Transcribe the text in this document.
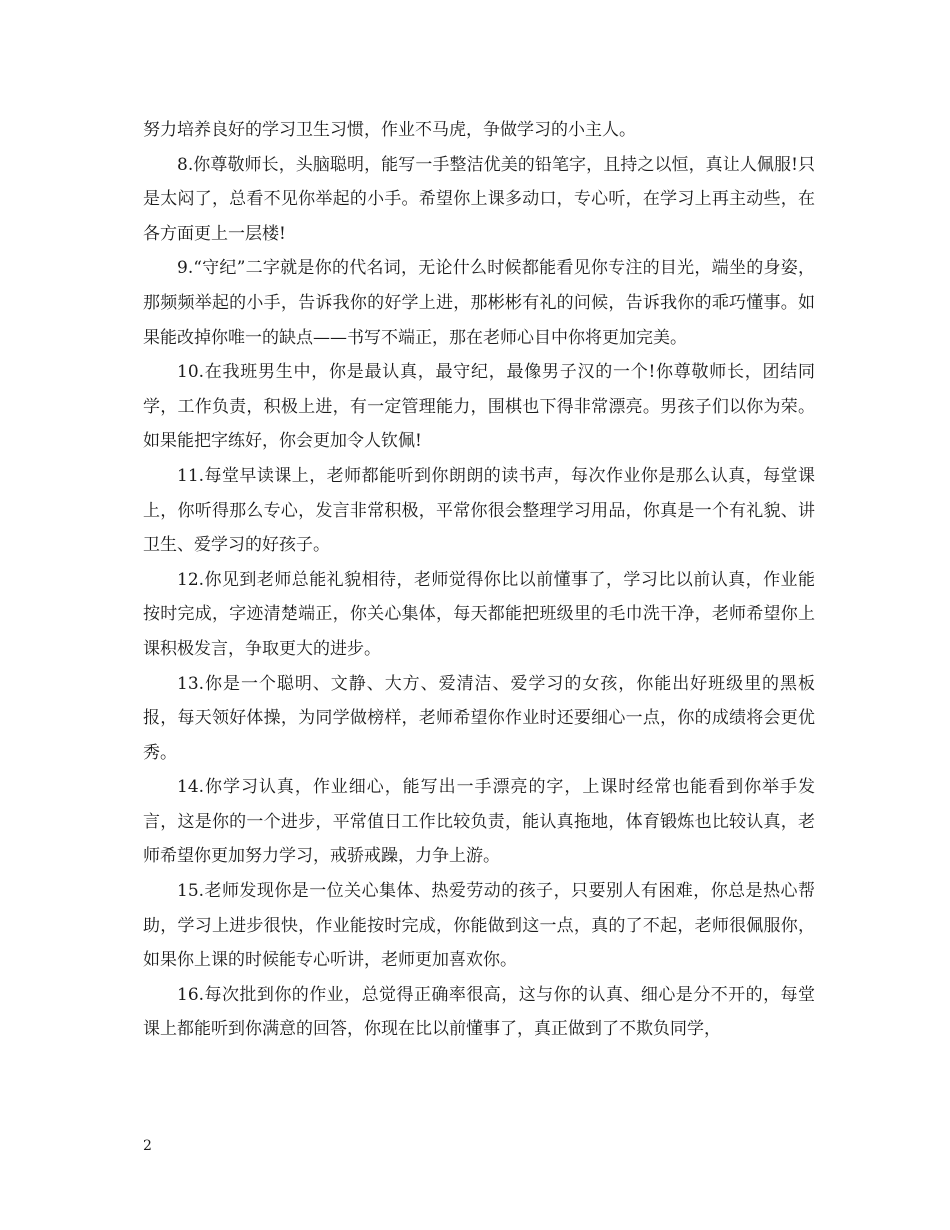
努力培养良好的学习卫生习惯，作业不马虎，争做学习的小主人。

8.你尊敬师长，头脑聪明，能写一手整洁优美的铅笔字，且持之以恒，真让人佩服!只是太闷了，总看不见你举起的小手。希望你上课多动口，专心听，在学习上再主动些，在各方面更上一层楼!

9.“守纪”二字就是你的代名词，无论什么时候都能看见你专注的目光，端坐的身姿，那频频举起的小手，告诉我你的好学上进，那彬彬有礼的问候，告诉我你的乖巧懂事。如果能改掉你唯一的缺点——书写不端正，那在老师心目中你将更加完美。

10.在我班男生中，你是最认真，最守纪，最像男子汉的一个!你尊敬师长，团结同学，工作负责，积极上进，有一定管理能力，围棋也下得非常漂亮。男孩子们以你为荣。如果能把字练好，你会更加令人钦佩!

11.每堂早读课上，老师都能听到你朗朗的读书声，每次作业你是那么认真，每堂课上，你听得那么专心，发言非常积极，平常你很会整理学习用品，你真是一个有礼貌、讲卫生、爱学习的好孩子。

12.你见到老师总能礼貌相待，老师觉得你比以前懂事了，学习比以前认真，作业能按时完成，字迹清楚端正，你关心集体，每天都能把班级里的毛巾洗干净，老师希望你上课积极发言，争取更大的进步。

13.你是一个聪明、文静、大方、爱清洁、爱学习的女孩，你能出好班级里的黑板报，每天领好体操，为同学做榜样，老师希望你作业时还要细心一点，你的成绩将会更优秀。

14.你学习认真，作业细心，能写出一手漂亮的字，上课时经常也能看到你举手发言，这是你的一个进步，平常值日工作比较负责，能认真拖地，体育锻炼也比较认真，老师希望你更加努力学习，戒骄戒躁，力争上游。

15.老师发现你是一位关心集体、热爱劳动的孩子，只要别人有困难，你总是热心帮助，学习上进步很快，作业能按时完成，你能做到这一点，真的了不起，老师很佩服你，如果你上课的时候能专心听讲，老师更加喜欢你。

16.每次批到你的作业，总觉得正确率很高，这与你的认真、细心是分不开的，每堂课上都能听到你满意的回答，你现在比以前懂事了，真正做到了不欺负同学，

2
